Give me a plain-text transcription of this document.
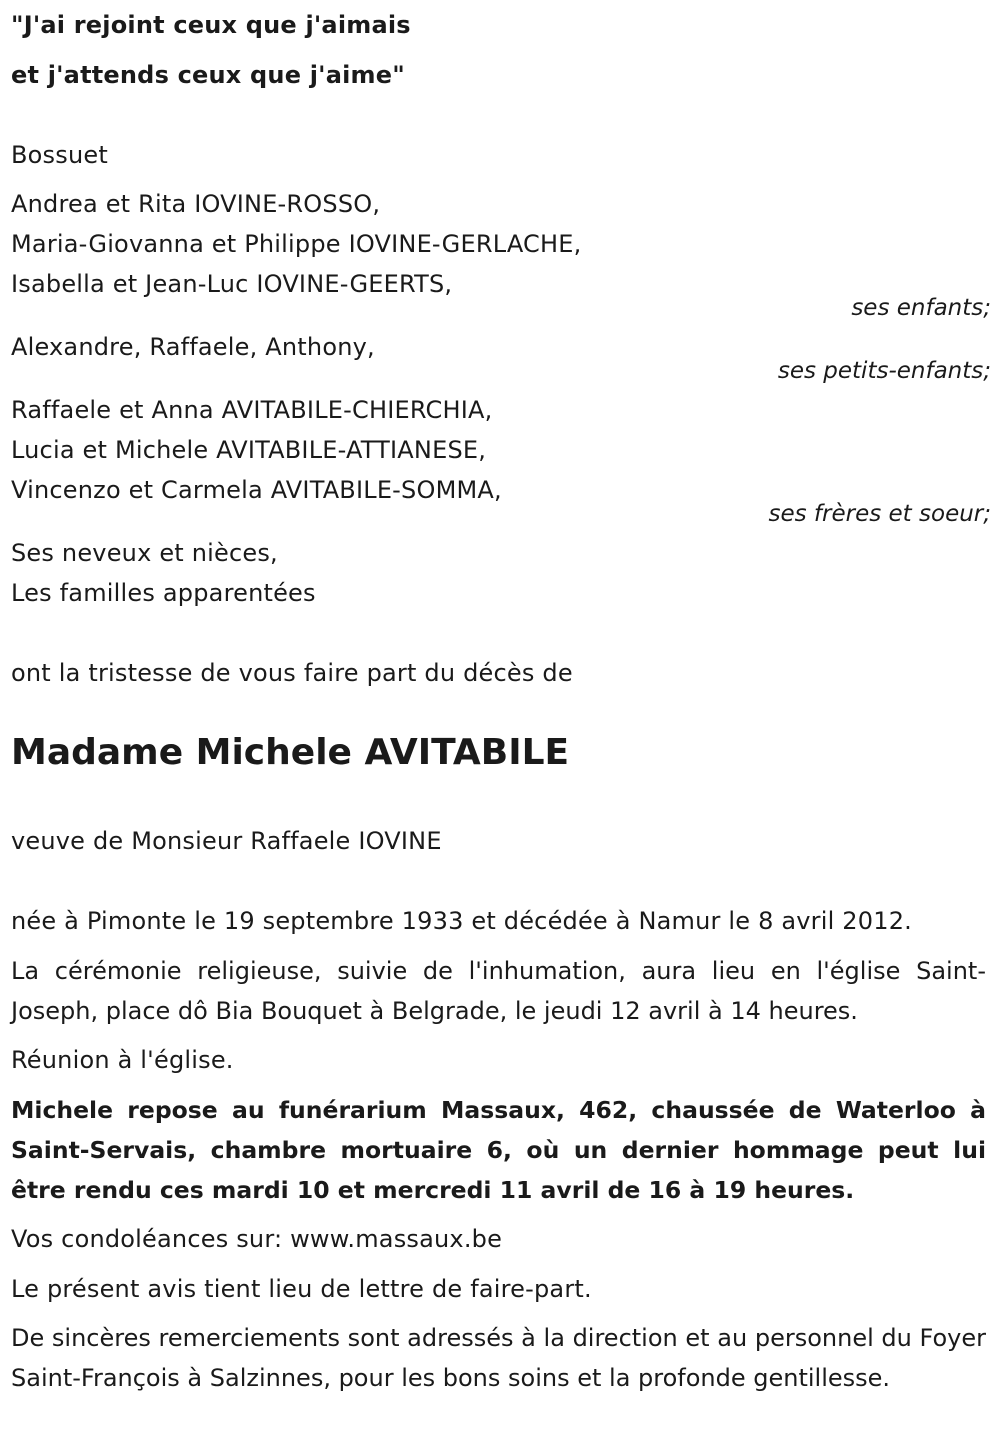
"J'ai rejoint ceux que j'aimais
et j'attends ceux que j'aime"
Bossuet
Andrea et Rita IOVINE-ROSSO,
Maria-Giovanna et Philippe IOVINE-GERLACHE,
Isabella et Jean-Luc IOVINE-GEERTS,
ses enfants;
Alexandre, Raffaele, Anthony,
ses petits-enfants;
Raffaele et Anna AVITABILE-CHIERCHIA,
Lucia et Michele AVITABILE-ATTIANESE,
Vincenzo et Carmela AVITABILE-SOMMA,
ses frères et soeur;
Ses neveux et nièces,
Les familles apparentées
ont la tristesse de vous faire part du décès de
Madame Michele AVITABILE
veuve de Monsieur Raffaele IOVINE
née à Pimonte le 19 septembre 1933 et décédée à Namur le 8 avril 2012.
La cérémonie religieuse, suivie de l'inhumation, aura lieu en l'église Saint-Joseph, place dô Bia Bouquet à Belgrade, le jeudi 12 avril à 14 heures.
Réunion à l'église.
Michele repose au funérarium Massaux, 462, chaussée de Waterloo à Saint-Servais, chambre mortuaire 6, où un dernier hommage peut lui être rendu ces mardi 10 et mercredi 11 avril de 16 à 19 heures.
Vos condoléances sur: www.massaux.be
Le présent avis tient lieu de lettre de faire-part.
De sincères remerciements sont adressés à la direction et au personnel du Foyer Saint-François à Salzinnes, pour les bons soins et la profonde gentillesse.
